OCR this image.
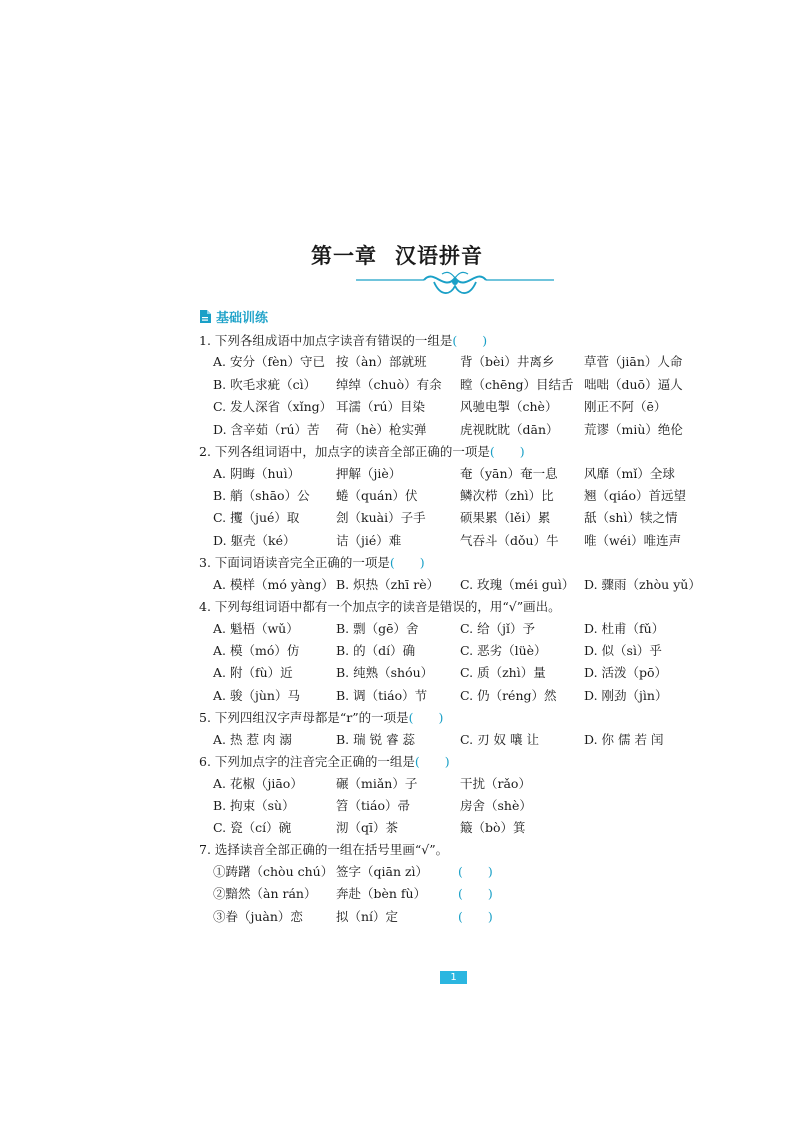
第一章 汉语拼音
基础训练
1. 下列各组成语中加点字读音有错误的一组是(　　)
A. 安分（fèn）守已 按（àn）部就班	背（bèi）井离乡 草菅（jiān）人命
B. 吹毛求疵（cì） 绰绰（chuò）有余 瞠（chēng）目结舌 咄咄（duō）逼人
C. 发人深省（xǐng） 耳濡（rú）目染	风驰电掣（chè） 刚正不阿（ē）
D. 含辛茹（rú）苦 荷（hè）枪实弹	虎视眈眈（dān） 荒谬（miù）绝伦
2. 下列各组词语中，加点字的读音全部正确的一项是(　　)
A. 阴晦（huì）	押解（jiè）	奄（yān）奄一息 风靡（mǐ）全球
B. 艄（shāo）公 蜷（quán）伏	鳞次栉（zhì）比 翘（qiáo）首远望
C. 攫（jué）取	刽（kuài）子手	硕果累（lěi）累	舐（shì）犊之情
D. 躯壳（ké）	诘（jié）难	气吞斗（dǒu）牛 唯（wéi）唯连声
3. 下面词语读音完全正确的一项是(　　)
A. 模样（mó yàng） B. 炽热（zhī rè） C. 玫瑰（méi guì） D. 骤雨（zhòu yǔ）
4. 下列每组词语中都有一个加点字的读音是错误的，用“√”画出。
A. 魁梧（wǔ）	B. 剽（gē）舍	C. 给（jǐ）予	D. 杜甫（fǔ）
A. 模（mó）仿	B. 的（dí）确	C. 恶劣（lüè）	D. 似（sì）乎
A. 附（fù）近	B. 纯熟（shóu） C. 质（zhì）量	D. 活泼（pō）
A. 骏（jùn）马	B. 调（tiáo）节	C. 仍（réng）然 D. 刚劲（jìn）
5. 下列四组汉字声母都是“r”的一项是(　　)
A. 热 惹 肉 溺	B. 瑞 锐 睿 蕊	C. 刃 奴 嚷 让	D. 你 儒 若 闰
6. 下列加点字的注音完全正确的一组是(　　)
A. 花椒（jiāo）	碾（miǎn）子	干扰（rǎo）
B. 拘束（sù）	笤（tiáo）帚	房舍（shè）
C. 瓷（cí）碗	沏（qī）茶	簸（bò）箕
7. 选择读音全部正确的一组在括号里画“√”。
①踌躇（chòu chú） 签字（qiān zì） (　　)
②黯然（àn rán） 奔赴（bèn fù）	(　　)
③眷（juàn）恋	拟（ní）定	(　　)
1
